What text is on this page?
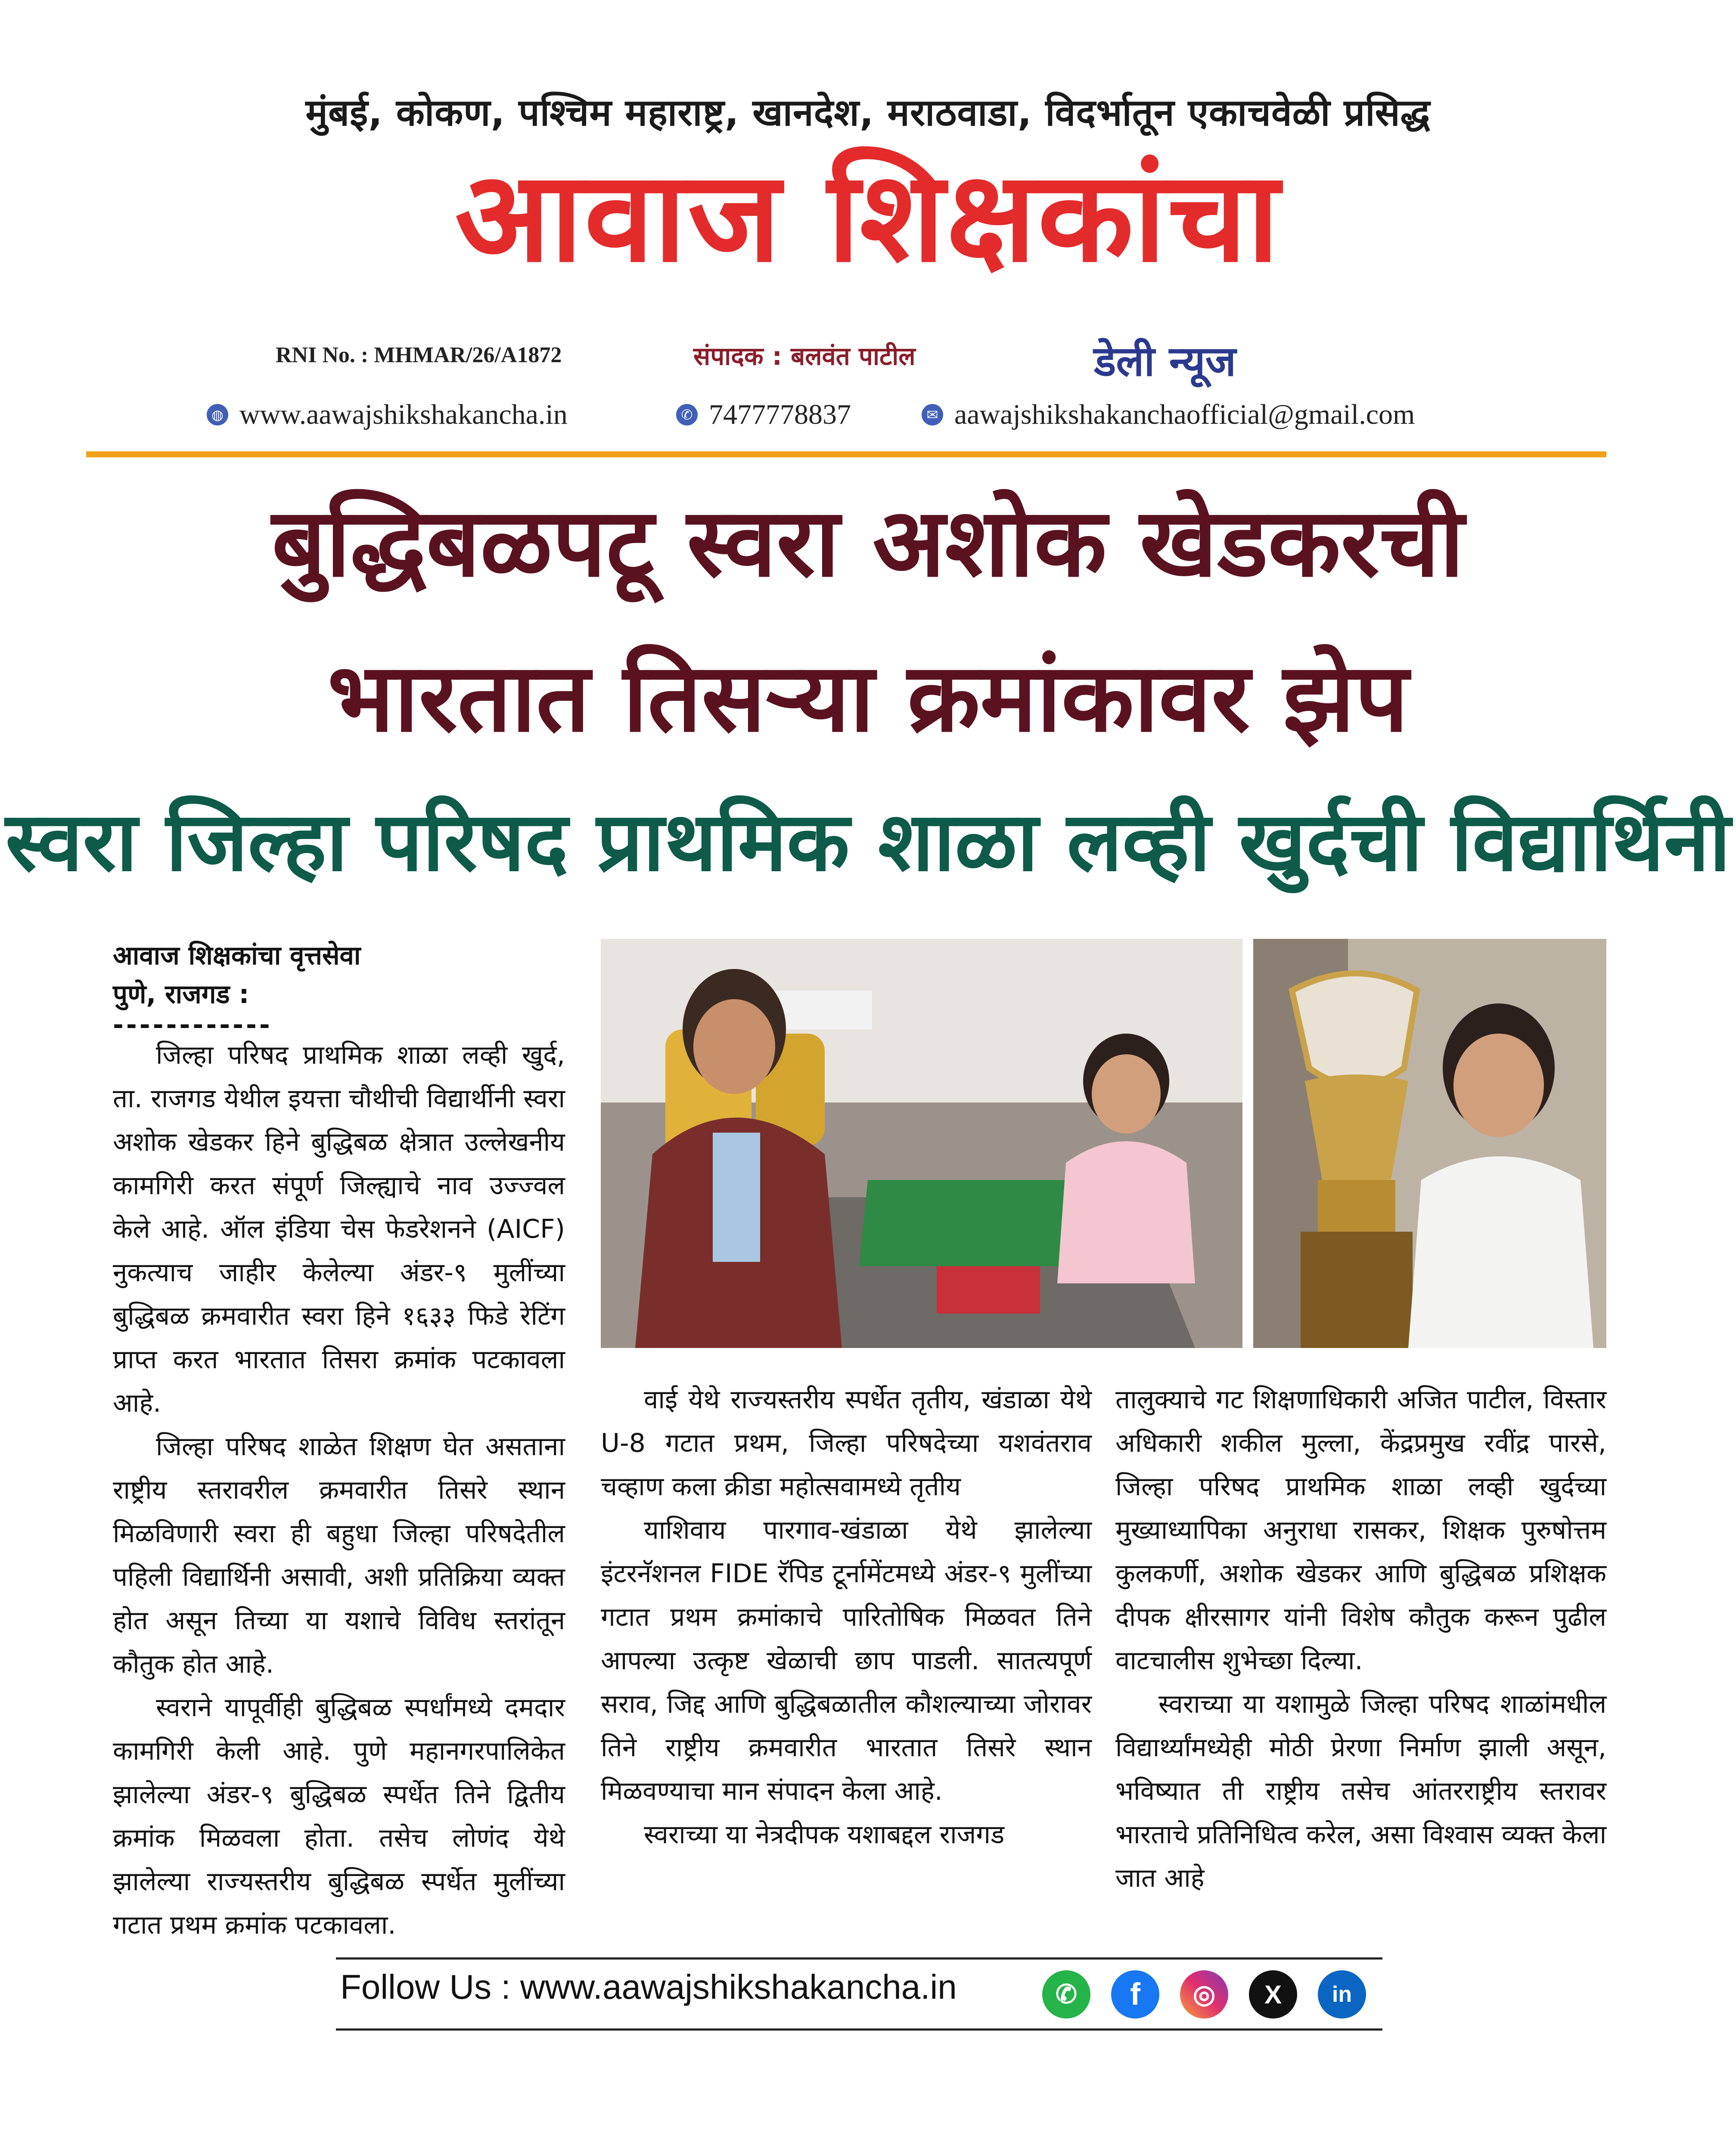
मुंबई, कोकण, पश्चिम महाराष्ट्र, खानदेश, मराठवाडा, विदर्भातून एकाचवेळी प्रसिद्ध
आवाज शिक्षकांचा
RNI No. : MHMAR/26/A1872	संपादक : बलवंत पाटील	डेली न्यूज
◍ www.aawajshikshakancha.in	✆ 7477778837	✉ aawajshikshakanchaofficial@gmail.com
बुद्धिबळपटू स्वरा अशोक खेडकरची
भारतात तिसऱ्या क्रमांकावर झेप
स्वरा जिल्हा परिषद प्राथमिक शाळा लव्ही खुर्दची विद्यार्थिनी
आवाज शिक्षकांचा वृत्तसेवा
पुणे, राजगड :
------------

जिल्हा परिषद प्राथमिक शाळा लव्ही खुर्द, ता. राजगड येथील इयत्ता चौथीची विद्यार्थीनी स्वरा अशोक खेडकर हिने बुद्धिबळ क्षेत्रात उल्लेखनीय कामगिरी करत संपूर्ण जिल्ह्याचे नाव उज्ज्वल केले आहे. ऑल इंडिया चेस फेडरेशनने (AICF) नुकत्याच जाहीर केलेल्या अंडर-९ मुलींच्या बुद्धिबळ क्रमवारीत स्वरा हिने १६३३ फिडे रेटिंग प्राप्त करत भारतात तिसरा क्रमांक पटकावला आहे.

जिल्हा परिषद शाळेत शिक्षण घेत असताना राष्ट्रीय स्तरावरील क्रमवारीत तिसरे स्थान मिळविणारी स्वरा ही बहुधा जिल्हा परिषदेतील पहिली विद्यार्थिनी असावी, अशी प्रतिक्रिया व्यक्त होत असून तिच्या या यशाचे विविध स्तरांतून कौतुक होत आहे.

स्वराने यापूर्वीही बुद्धिबळ स्पर्धांमध्ये दमदार कामगिरी केली आहे. पुणे महानगरपालिकेत झालेल्या अंडर-९ बुद्धिबळ स्पर्धेत तिने द्वितीय क्रमांक मिळवला होता. तसेच लोणंद येथे झालेल्या राज्यस्तरीय बुद्धिबळ स्पर्धेत मुलींच्या गटात प्रथम क्रमांक पटकावला.

वाई येथे राज्यस्तरीय स्पर्धेत तृतीय, खंडाळा येथे U-8 गटात प्रथम, जिल्हा परिषदेच्या यशवंतराव चव्हाण कला क्रीडा महोत्सवामध्ये तृतीय

याशिवाय पारगाव-खंडाळा येथे झालेल्या इंटरनॅशनल FIDE रॅपिड टूर्नामेंटमध्ये अंडर-९ मुलींच्या गटात प्रथम क्रमांकाचे पारितोषिक मिळवत तिने आपल्या उत्कृष्ट खेळाची छाप पाडली. सातत्यपूर्ण सराव, जिद्द आणि बुद्धिबळातील कौशल्याच्या जोरावर तिने राष्ट्रीय क्रमवारीत भारतात तिसरे स्थान मिळवण्याचा मान संपादन केला आहे.

स्वराच्या या नेत्रदीपक यशाबद्दल राजगड

तालुक्याचे गट शिक्षणाधिकारी अजित पाटील, विस्तार अधिकारी शकील मुल्ला, केंद्रप्रमुख रवींद्र पारसे, जिल्हा परिषद प्राथमिक शाळा लव्ही खुर्दच्या मुख्याध्यापिका अनुराधा रासकर, शिक्षक पुरुषोत्तम कुलकर्णी, अशोक खेडकर आणि बुद्धिबळ प्रशिक्षक दीपक क्षीरसागर यांनी विशेष कौतुक करून पुढील वाटचालीस शुभेच्छा दिल्या.

स्वराच्या या यशामुळे जिल्हा परिषद शाळांमधील विद्यार्थ्यांमध्येही मोठी प्रेरणा निर्माण झाली असून, भविष्यात ती राष्ट्रीय तसेच आंतरराष्ट्रीय स्तरावर भारताचे प्रतिनिधित्व करेल, असा विश्वास व्यक्त केला जात आहे

Follow Us : www.aawajshikshakancha.in	✆	f	◎	X	in
